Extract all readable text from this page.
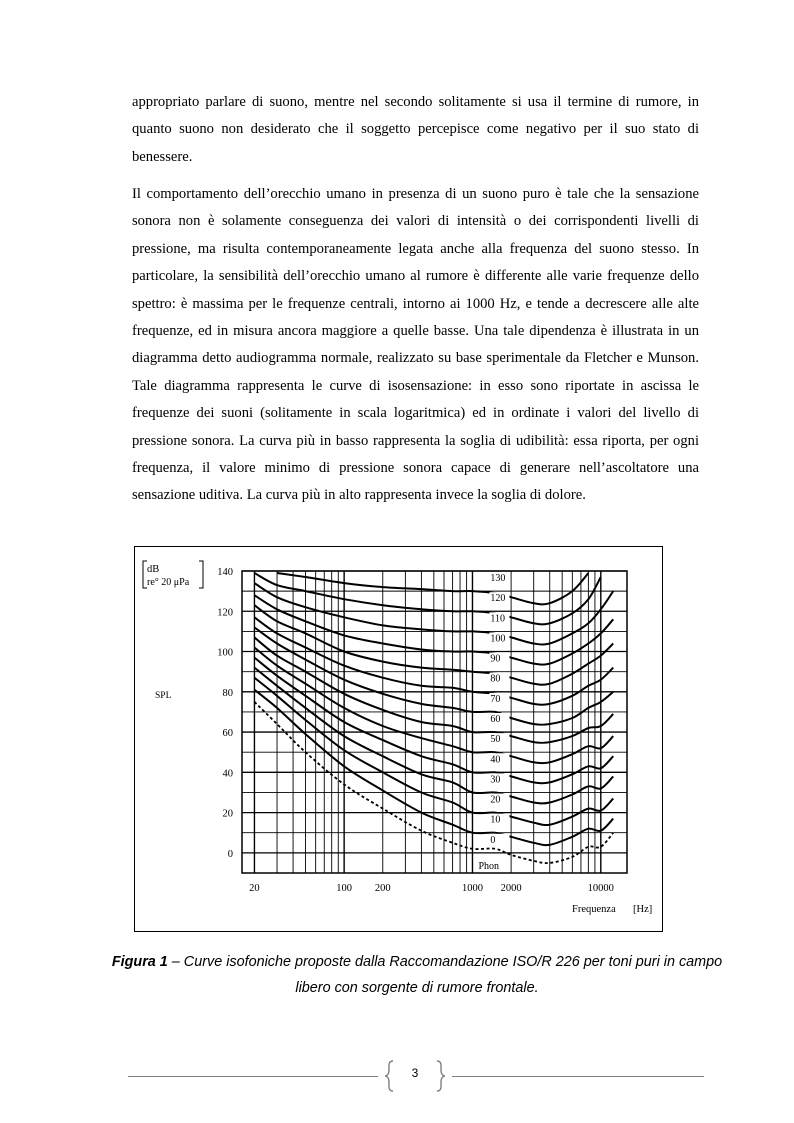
appropriato parlare di suono, mentre nel secondo solitamente si usa il termine di rumore, in quanto suono non desiderato che il soggetto percepisce come negativo per il suo stato di benessere.

Il comportamento dell’orecchio umano in presenza di un suono puro è tale che la sensazione sonora non è solamente conseguenza dei valori di intensità o dei corrispondenti livelli di pressione, ma risulta contemporaneamente legata anche alla frequenza del suono stesso. In particolare, la sensibilità dell’orecchio umano al rumore è differente alle varie frequenze dello spettro: è massima per le frequenze centrali, intorno ai 1000 Hz, e tende a decrescere alle alte frequenze, ed in misura ancora maggiore a quelle basse. Una tale dipendenza è illustrata in un diagramma detto audiogramma normale, realizzato su base sperimentale da Fletcher e Munson. Tale diagramma rappresenta le curve di isosensazione: in esso sono riportate in ascissa le frequenze dei suoni (solitamente in scala logaritmica) ed in ordinate i valori del livello di pressione sonora. La curva più in basso rappresenta la soglia di udibilità: essa riporta, per ogni frequenza, il valore minimo di pressione sonora capace di generare nell’ascoltatore una sensazione uditiva. La curva più in alto rappresenta invece la soglia di dolore.

0
20
40
60
80
100
120
140
20	100 200	1000 2000	10000
dB
re° 20 μPa
SPL
Frequenza [Hz]
130
120
110
100
90
80
70
60
50
40
30
20
10
0
Phon

Figura 1 – Curve isofoniche proposte dalla Raccomandazione ISO/R 226 per toni puri in campo libero con sorgente di rumore frontale.

3
